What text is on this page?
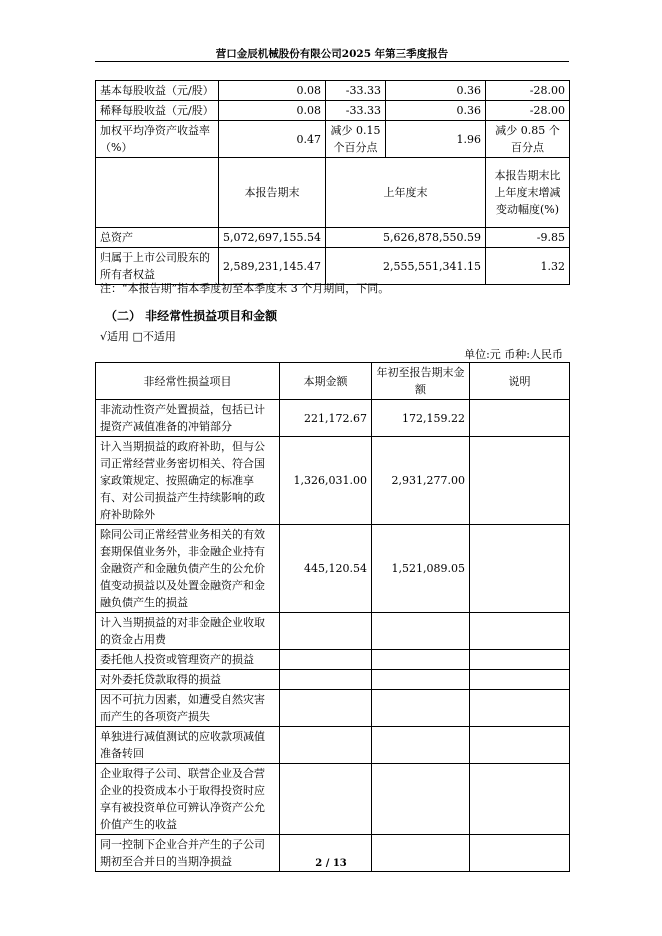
营口金辰机械股份有限公司2025 年第三季度报告
基本每股收益（元/股）	0.08	-33.33	0.36	-28.00
稀释每股收益（元/股）	0.08	-33.33	0.36	-28.00
加权平均净资产收益率（%）	0.47	减少 0.15 个百分点	1.96	减少 0.85 个百分点
	本报告期末	上年度末		本报告期末比上年度末增减变动幅度(%)
总资产	5,072,697,155.54	5,626,878,550.59		-9.85
归属于上市公司股东的所有者权益	2,589,231,145.47	2,555,551,341.15		1.32
注：“本报告期”指本季度初至本季度末 3 个月期间，下同。
（二） 非经常性损益项目和金额
√适用 □不适用
单位:元 币种:人民币
非经常性损益项目	本期金额	年初至报告期末金额	说明
非流动性资产处置损益，包括已计提资产减值准备的冲销部分	221,172.67	172,159.22	
计入当期损益的政府补助，但与公司正常经营业务密切相关、符合国家政策规定、按照确定的标准享有、对公司损益产生持续影响的政府补助除外	1,326,031.00	2,931,277.00	
除同公司正常经营业务相关的有效套期保值业务外，非金融企业持有金融资产和金融负债产生的公允价值变动损益以及处置金融资产和金融负债产生的损益	445,120.54	1,521,089.05	
计入当期损益的对非金融企业收取的资金占用费			
委托他人投资或管理资产的损益			
对外委托贷款取得的损益			
因不可抗力因素，如遭受自然灾害而产生的各项资产损失			
单独进行减值测试的应收款项减值准备转回			
企业取得子公司、联营企业及合营企业的投资成本小于取得投资时应享有被投资单位可辨认净资产公允价值产生的收益			
同一控制下企业合并产生的子公司期初至合并日的当期净损益				2 / 13
